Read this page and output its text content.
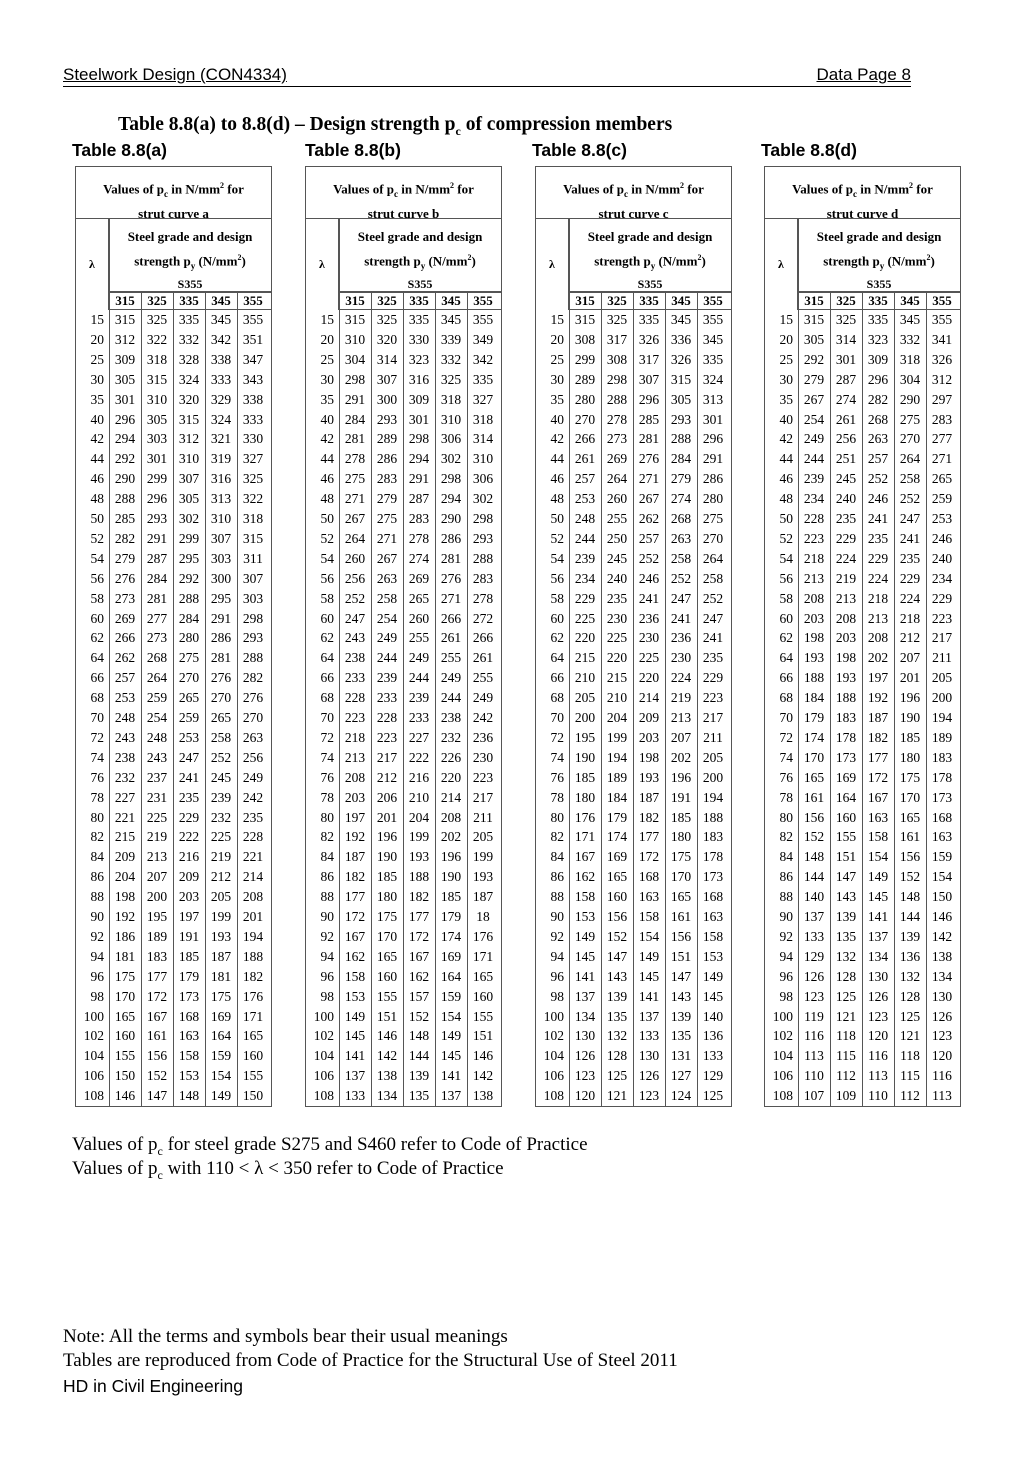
Steelwork Design (CON4334)	Data Page 8
Table 8.8(a) to 8.8(d) – Design strength $p_c$ of compression members
Table 8.8(a)
Values of $p_c$ in $N/mm^2$ for
strut curve a
λ
Steel grade and design
strength $p_y$ $(N/mm^2)$
S355
315 325 335 345 355
15 315 325 335 345 355
20 312 322 332 342 351
25 309 318 328 338 347
30 305 315 324 333 343
35 301 310 320 329 338
40 296 305 315 324 333
42 294 303 312 321 330
44 292 301 310 319 327
46 290 299 307 316 325
48 288 296 305 313 322
50 285 293 302 310 318
52 282 291 299 307 315
54 279 287 295 303 311
56 276 284 292 300 307
58 273 281 288 295 303
60 269 277 284 291 298
62 266 273 280 286 293
64 262 268 275 281 288
66 257 264 270 276 282
68 253 259 265 270 276
70 248 254 259 265 270
72 243 248 253 258 263
74 238 243 247 252 256
76 232 237 241 245 249
78 227 231 235 239 242
80 221 225 229 232 235
82 215 219 222 225 228
84 209 213 216 219 221
86 204 207 209 212 214
88 198 200 203 205 208
90 192 195 197 199 201
92 186 189 191 193 194
94 181 183 185 187 188
96 175 177 179 181 182
98 170 172 173 175 176
100 165 167 168 169 171
102 160 161 163 164 165
104 155 156 158 159 160
106 150 152 153 154 155
108 146 147 148 149 150
Table 8.8(b)
Values of $p_c$ in $N/mm^2$ for
strut curve b
λ
Steel grade and design
strength $p_y$ $(N/mm^2)$
S355
315 325 335 345 355
15 315 325 335 345 355
20 310 320 330 339 349
25 304 314 323 332 342
30 298 307 316 325 335
35 291 300 309 318 327
40 284 293 301 310 318
42 281 289 298 306 314
44 278 286 294 302 310
46 275 283 291 298 306
48 271 279 287 294 302
50 267 275 283 290 298
52 264 271 278 286 293
54 260 267 274 281 288
56 256 263 269 276 283
58 252 258 265 271 278
60 247 254 260 266 272
62 243 249 255 261 266
64 238 244 249 255 261
66 233 239 244 249 255
68 228 233 239 244 249
70 223 228 233 238 242
72 218 223 227 232 236
74 213 217 222 226 230
76 208 212 216 220 223
78 203 206 210 214 217
80 197 201 204 208 211
82 192 196 199 202 205
84 187 190 193 196 199
86 182 185 188 190 193
88 177 180 182 185 187
90 172 175 177 179	18
92 167 170 172 174 176
94 162 165 167 169 171
96 158 160 162 164 165
98 153 155 157 159 160
100 149 151 152 154 155
102 145 146 148 149 151
104 141 142 144 145 146
106 137 138 139 141 142
108 133 134 135 137 138
Table 8.8(c)
Values of $p_c$ in $N/mm^2$ for
strut curve c
λ
Steel grade and design
strength $p_y$ $(N/mm^2)$
S355
315 325 335 345 355
15 315 325 335 345 355
20 308 317 326 336 345
25 299 308 317 326 335
30 289 298 307 315 324
35 280 288 296 305 313
40 270 278 285 293 301
42 266 273 281 288 296
44 261 269 276 284 291
46 257 264 271 279 286
48 253 260 267 274 280
50 248 255 262 268 275
52 244 250 257 263 270
54 239 245 252 258 264
56 234 240 246 252 258
58 229 235 241 247 252
60 225 230 236 241 247
62 220 225 230 236 241
64 215 220 225 230 235
66 210 215 220 224 229
68 205 210 214 219 223
70 200 204 209 213 217
72 195 199 203 207 211
74 190 194 198 202 205
76 185 189 193 196 200
78 180 184 187 191 194
80 176 179 182 185 188
82 171 174 177 180 183
84 167 169 172 175 178
86 162 165 168 170 173
88 158 160 163 165 168
90 153 156 158 161 163
92 149 152 154 156 158
94 145 147 149 151 153
96 141 143 145 147 149
98 137 139 141 143 145
100 134 135 137 139 140
102 130 132 133 135 136
104 126 128 130 131 133
106 123 125 126 127 129
108 120 121 123 124 125
Table 8.8(d)
Values of $p_c$ in $N/mm^2$ for
strut curve d
λ
Steel grade and design
strength $p_y$ $(N/mm^2)$
S355
315 325 335 345 355
15 315 325 335 345 355
20 305 314 323 332 341
25 292 301 309 318 326
30 279 287 296 304 312
35 267 274 282 290 297
40 254 261 268 275 283
42 249 256 263 270 277
44 244 251 257 264 271
46 239 245 252 258 265
48 234 240 246 252 259
50 228 235 241 247 253
52 223 229 235 241 246
54 218 224 229 235 240
56 213 219 224 229 234
58 208 213 218 224 229
60 203 208 213 218 223
62 198 203 208 212 217
64 193 198 202 207 211
66 188 193 197 201 205
68 184 188 192 196 200
70 179 183 187 190 194
72 174 178 182 185 189
74 170 173 177 180 183
76 165 169 172 175 178
78 161 164 167 170 173
80 156 160 163 165 168
82 152 155 158 161 163
84 148 151 154 156 159
86 144 147 149 152 154
88 140 143 145 148 150
90 137 139 141 144 146
92 133 135 137 139 142
94 129 132 134 136 138
96 126 128 130 132 134
98 123 125 126 128 130
100 119 121 123 125 126
102 116 118 120 121 123
104 113 115 116 118 120
106 110 112 113 115 116
108 107 109 110 112 113
Values of $p_c$ for steel grade S275 and S460 refer to Code of Practice
Values of $p_c$ with 110 < λ < 350 refer to Code of Practice
Note: All the terms and symbols bear their usual meanings
Tables are reproduced from Code of Practice for the Structural Use of Steel 2011
HD in Civil Engineering
